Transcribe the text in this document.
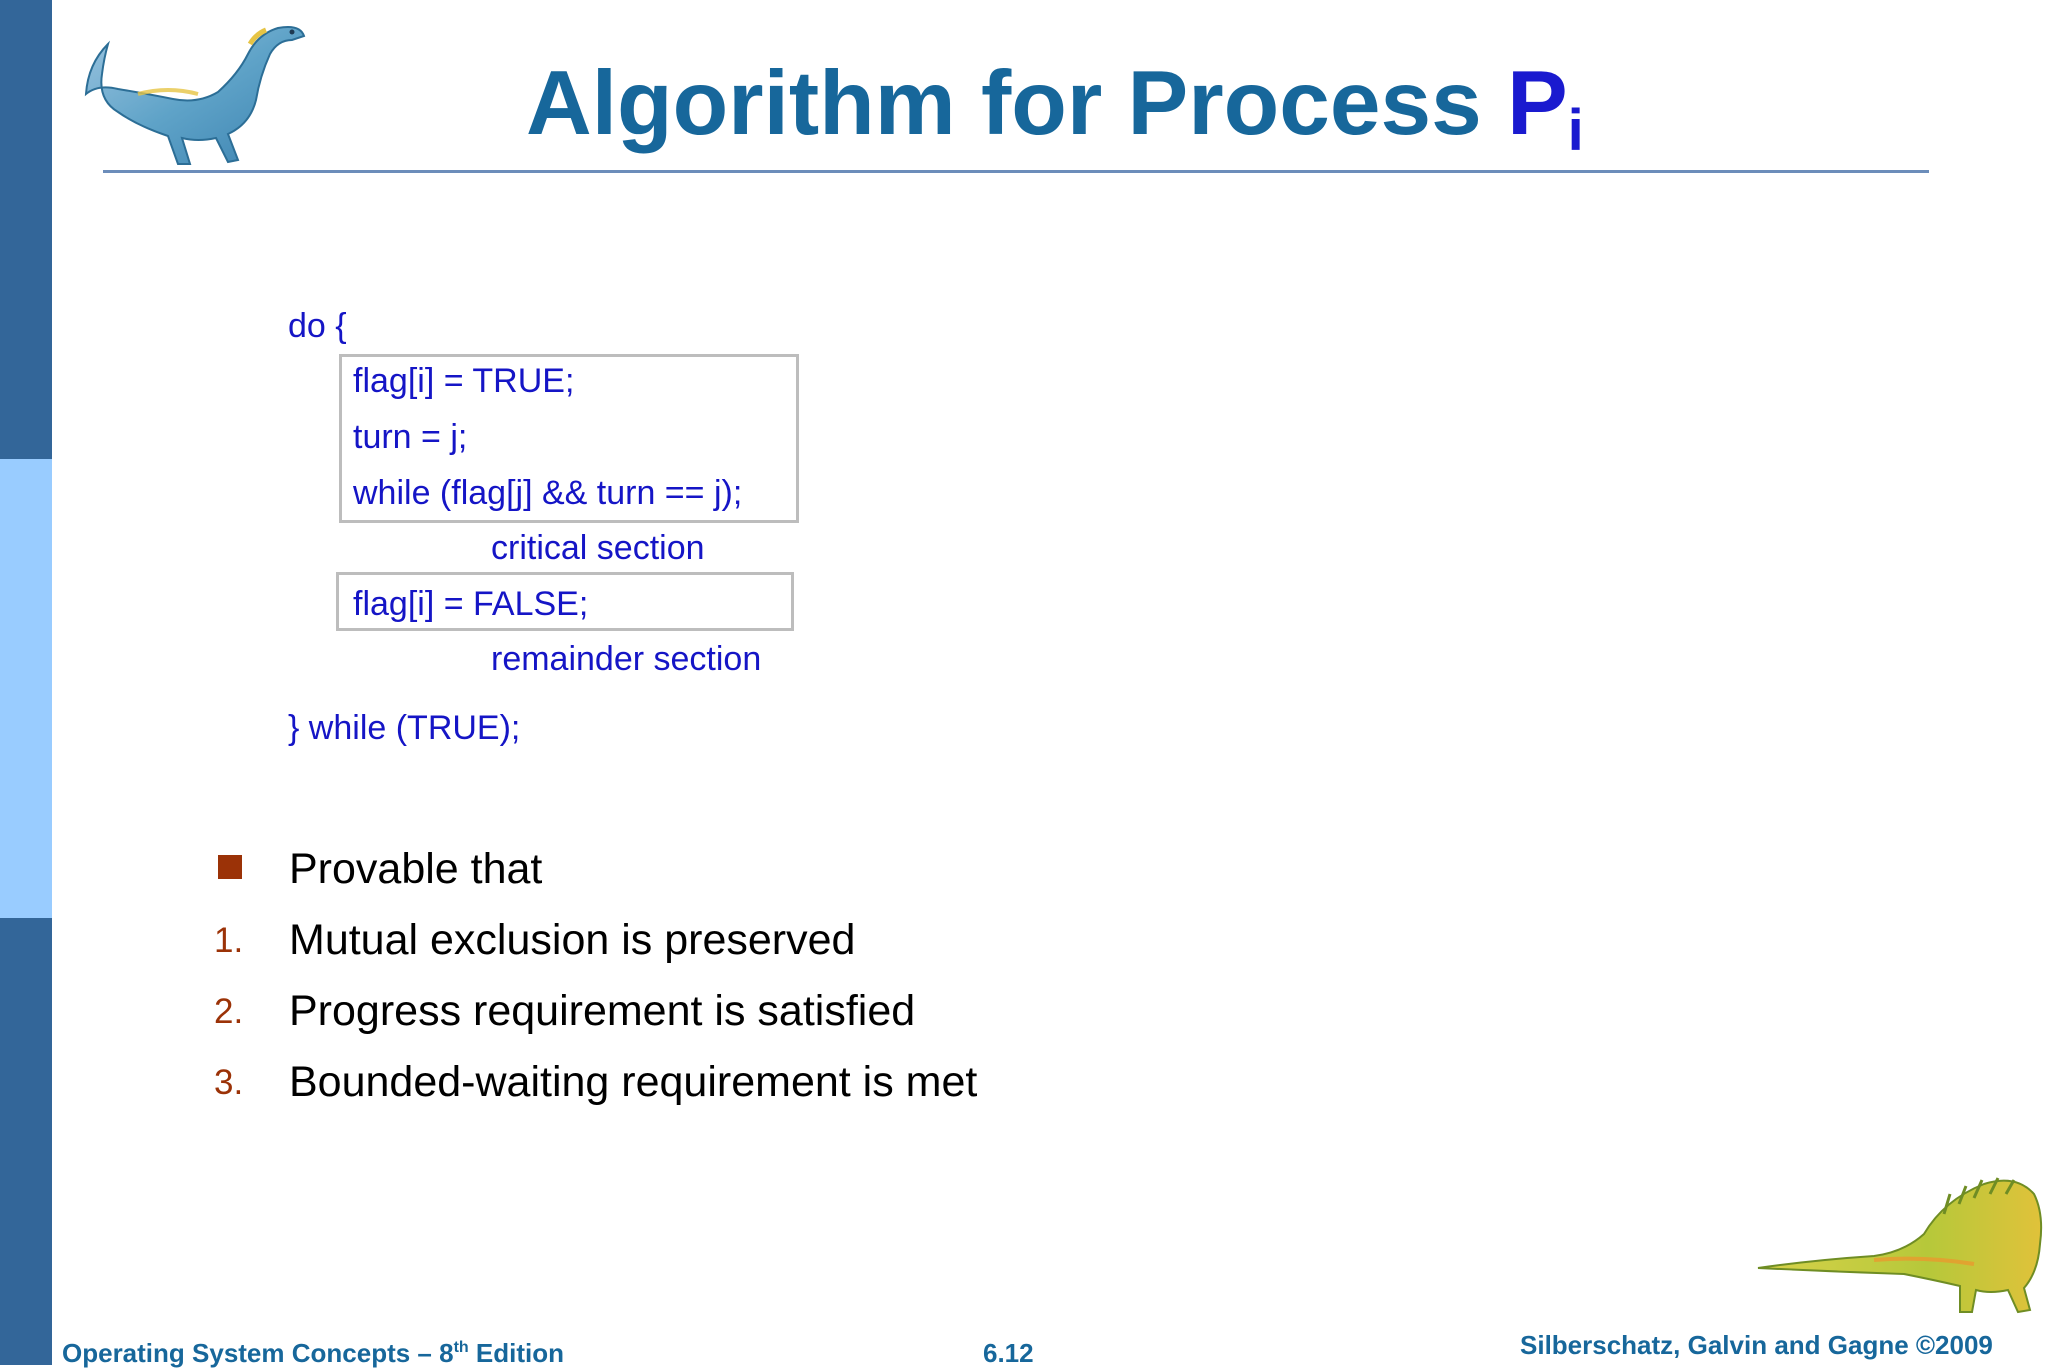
Algorithm for Process $P_i$
do {
flag[i] = TRUE;
turn = j;
while (flag[j] && turn == j);
critical section
flag[i] = FALSE;
remainder section
} while (TRUE);
Provable that
1. Mutual exclusion is preserved
2. Progress requirement is satisfied
3. Bounded-waiting requirement is met
Operating System Concepts – 8th Edition	6.12	Silberschatz, Galvin and Gagne ©2009
